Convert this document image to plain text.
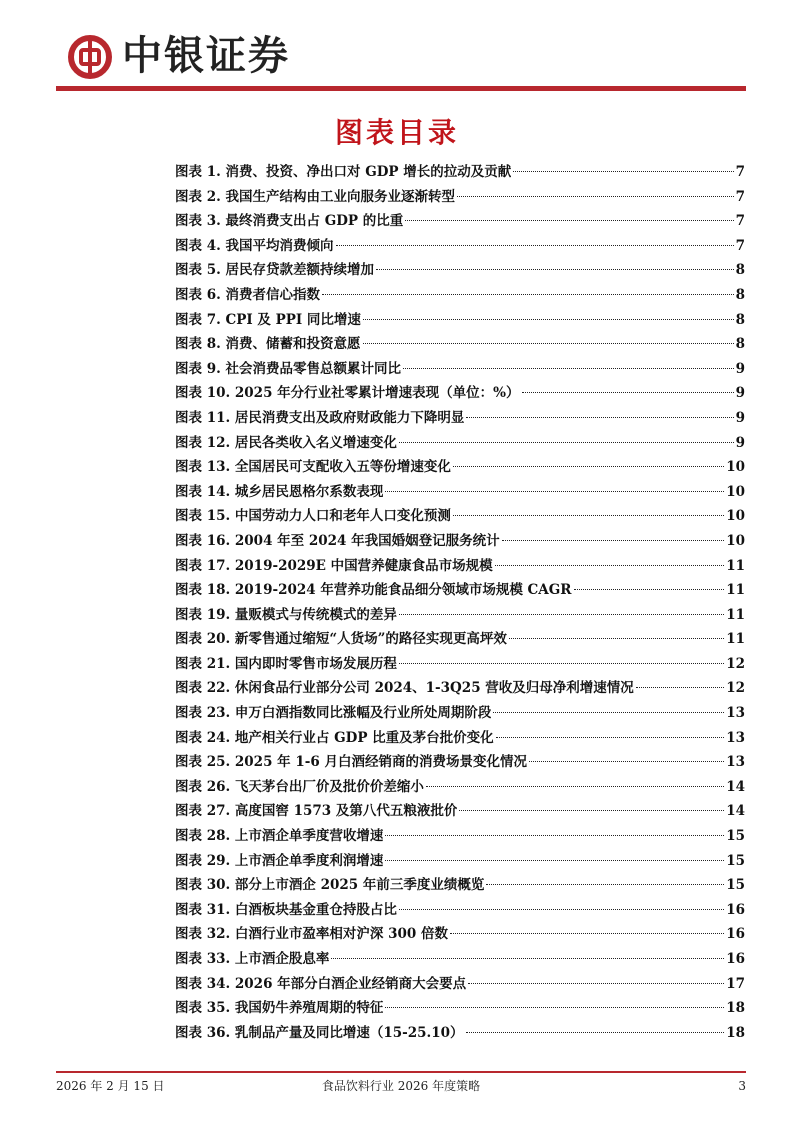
中银证券
图表目录
图表 1. 消费、投资、净出口对 GDP 增长的拉动及贡献	7
图表 2. 我国生产结构由工业向服务业逐渐转型	7
图表 3. 最终消费支出占 GDP 的比重	7
图表 4. 我国平均消费倾向	7
图表 5. 居民存贷款差额持续增加	8
图表 6. 消费者信心指数	8
图表 7. CPI 及 PPI 同比增速	8
图表 8. 消费、储蓄和投资意愿	8
图表 9. 社会消费品零售总额累计同比	9
图表 10. 2025 年分行业社零累计增速表现（单位：%）	9
图表 11. 居民消费支出及政府财政能力下降明显	9
图表 12. 居民各类收入名义增速变化	9
图表 13. 全国居民可支配收入五等份增速变化	10
图表 14. 城乡居民恩格尔系数表现	10
图表 15. 中国劳动力人口和老年人口变化预测	10
图表 16. 2004 年至 2024 年我国婚姻登记服务统计	10
图表 17. 2019-2029E 中国营养健康食品市场规模	11
图表 18. 2019-2024 年营养功能食品细分领域市场规模 CAGR	11
图表 19. 量贩模式与传统模式的差异	11
图表 20. 新零售通过缩短“人货场”的路径实现更高坪效	11
图表 21. 国内即时零售市场发展历程	12
图表 22. 休闲食品行业部分公司 2024、1-3Q25 营收及归母净利增速情况	12
图表 23. 申万白酒指数同比涨幅及行业所处周期阶段	13
图表 24. 地产相关行业占 GDP 比重及茅台批价变化	13
图表 25. 2025 年 1-6 月白酒经销商的消费场景变化情况	13
图表 26. 飞天茅台出厂价及批价价差缩小	14
图表 27. 高度国窖 1573 及第八代五粮液批价	14
图表 28. 上市酒企单季度营收增速	15
图表 29. 上市酒企单季度利润增速	15
图表 30. 部分上市酒企 2025 年前三季度业绩概览	15
图表 31. 白酒板块基金重仓持股占比	16
图表 32. 白酒行业市盈率相对沪深 300 倍数	16
图表 33. 上市酒企股息率	16
图表 34. 2026 年部分白酒企业经销商大会要点	17
图表 35. 我国奶牛养殖周期的特征	18
图表 36. 乳制品产量及同比增速（15-25.10）	18
2026 年 2 月 15 日	食品饮料行业 2026 年度策略	3
